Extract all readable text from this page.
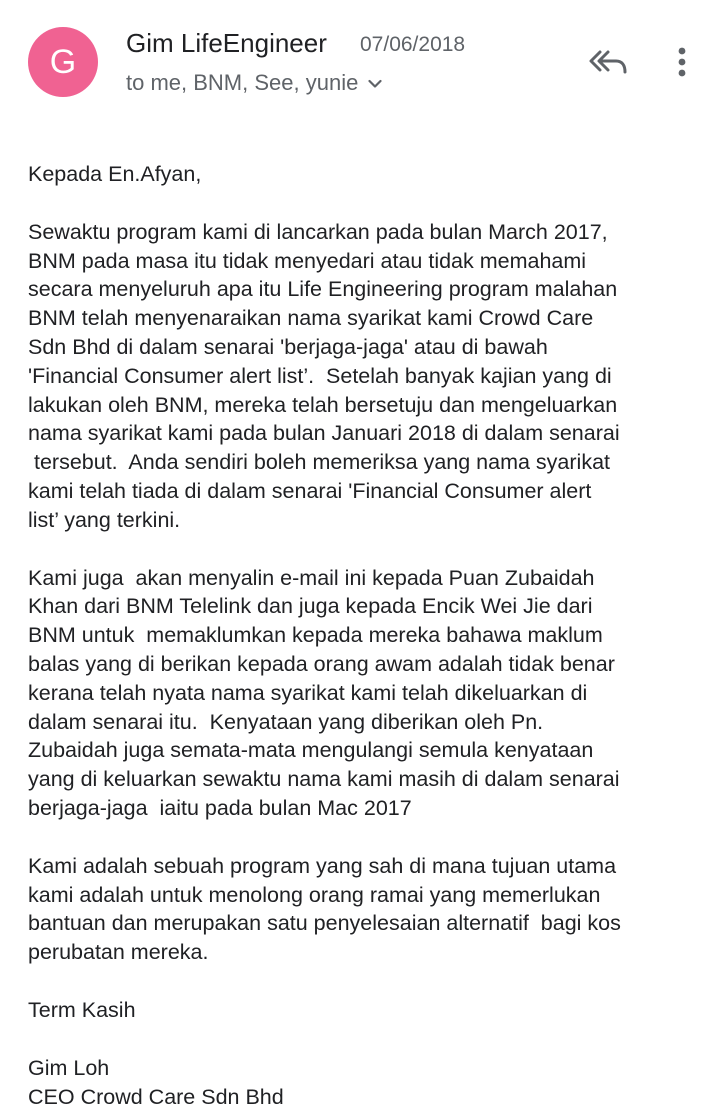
G	Gim LifeEngineer 07/06/2018
to me, BNM, See, yunie

Kepada En.Afyan,

Sewaktu program kami di lancarkan pada bulan March 2017,
BNM pada masa itu tidak menyedari atau tidak memahami
secara menyeluruh apa itu Life Engineering program malahan
BNM telah menyenaraikan nama syarikat kami Crowd Care
Sdn Bhd di dalam senarai 'berjaga-jaga' atau di bawah
'Financial Consumer alert list’.  Setelah banyak kajian yang di
lakukan oleh BNM, mereka telah bersetuju dan mengeluarkan
nama syarikat kami pada bulan Januari 2018 di dalam senarai
tersebut.  Anda sendiri boleh memeriksa yang nama syarikat
kami telah tiada di dalam senarai 'Financial Consumer alert
list’ yang terkini.

Kami juga  akan menyalin e-mail ini kepada Puan Zubaidah
Khan dari BNM Telelink dan juga kepada Encik Wei Jie dari
BNM untuk  memaklumkan kepada mereka bahawa maklum
balas yang di berikan kepada orang awam adalah tidak benar
kerana telah nyata nama syarikat kami telah dikeluarkan di
dalam senarai itu.  Kenyataan yang diberikan oleh Pn.
Zubaidah juga semata-mata mengulangi semula kenyataan
yang di keluarkan sewaktu nama kami masih di dalam senarai
berjaga-jaga  iaitu pada bulan Mac 2017

Kami adalah sebuah program yang sah di mana tujuan utama
kami adalah untuk menolong orang ramai yang memerlukan
bantuan dan merupakan satu penyelesaian alternatif  bagi kos
perubatan mereka.

Term Kasih

Gim Loh

CEO Crowd Care Sdn Bhd
